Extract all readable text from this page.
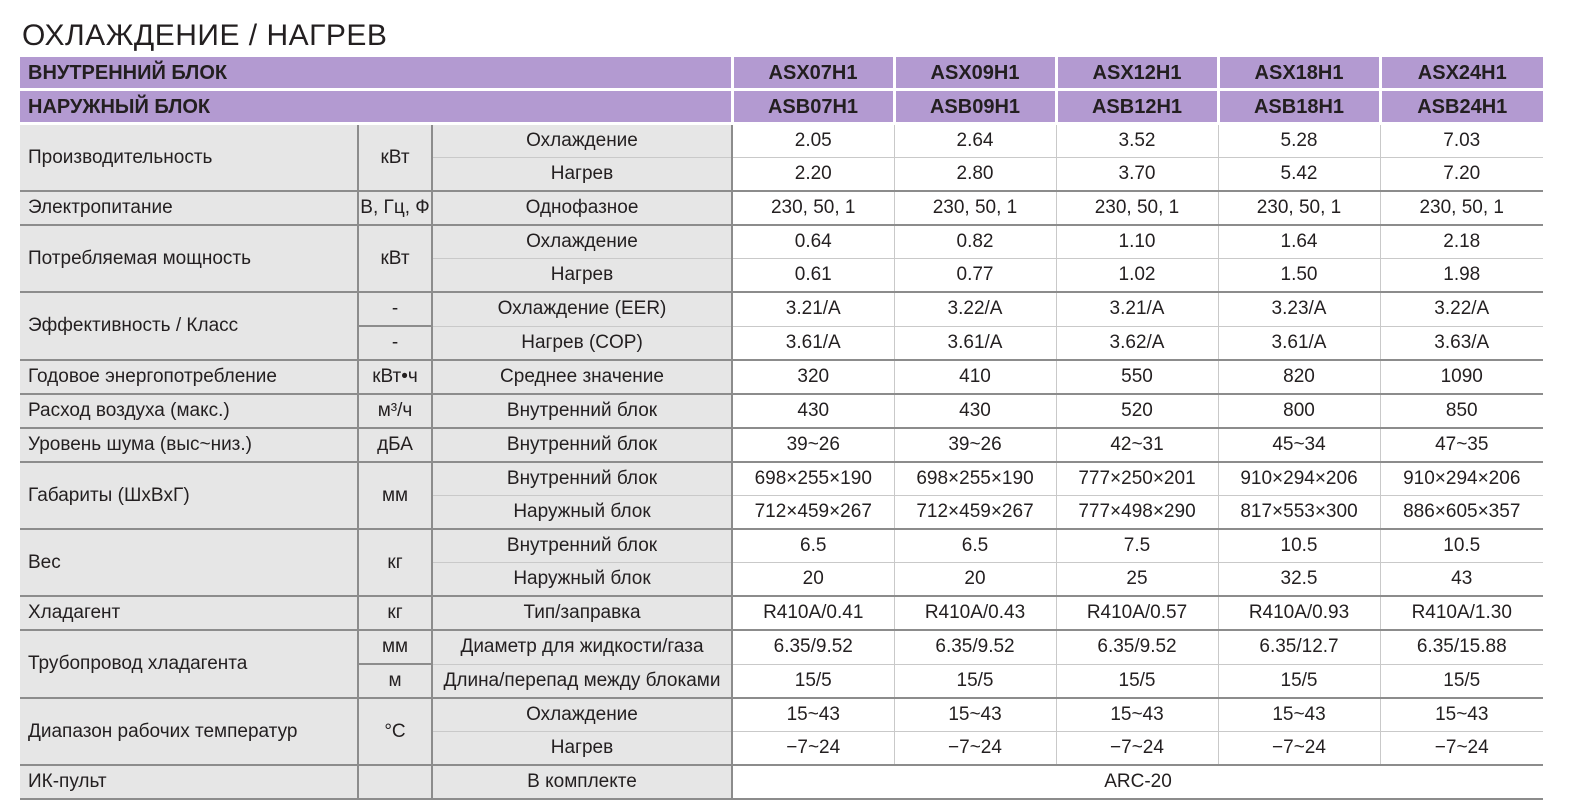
ОХЛАЖДЕНИЕ / НАГРЕВ
ВНУТРЕННИЙ БЛОК			ASX07H1	ASX09H1	ASX12H1	ASX18H1	ASX24H1
НАРУЖНЫЙ БЛОК			ASB07H1	ASB09H1	ASB12H1	ASB18H1	ASB24H1
Производительность	кВт	Охлаждение	2.05	2.64	3.52	5.28	7.03
		Нагрев	2.20	2.80	3.70	5.42	7.20
Электропитание	В, Гц, Ф	Однофазное	230, 50, 1	230, 50, 1	230, 50, 1	230, 50, 1	230, 50, 1
Потребляемая мощность	кВт	Охлаждение	0.64	0.82	1.10	1.64	2.18
		Нагрев	0.61	0.77	1.02	1.50	1.98
Эффективность / Класс	-	Охлаждение (EER)	3.21/A	3.22/A	3.21/A	3.23/A	3.22/A
	-	Нагрев (COP)	3.61/A	3.61/A	3.62/A	3.61/A	3.63/A
Годовое энергопотребление	кВт•ч	Среднее значение	320	410	550	820	1090
Расход воздуха (макс.)	м³/ч	Внутренний блок	430	430	520	800	850
Уровень шума (выс~низ.)	дБА	Внутренний блок	39~26	39~26	42~31	45~34	47~35
Габариты (ШxВxГ)	мм	Внутренний блок	698×255×190	698×255×190	777×250×201	910×294×206	910×294×206
		Наружный блок	712×459×267	712×459×267	777×498×290	817×553×300	886×605×357
Вес	кг	Внутренний блок	6.5	6.5	7.5	10.5	10.5
		Наружный блок	20	20	25	32.5	43
Хладагент	кг	Тип/заправка	R410A/0.41	R410A/0.43	R410A/0.57	R410A/0.93	R410A/1.30
Трубопровод хладагента	мм	Диаметр для жидкости/газа	6.35/9.52	6.35/9.52	6.35/9.52	6.35/12.7	6.35/15.88
	м	Длина/перепад между блоками	15/5	15/5	15/5	15/5	15/5
Диапазон рабочих температур	°C	Охлаждение	15~43	15~43	15~43	15~43	15~43
		Нагрев	−7~24	−7~24	−7~24	−7~24	−7~24
ИК-пульт		В комплекте	ARC-20				
